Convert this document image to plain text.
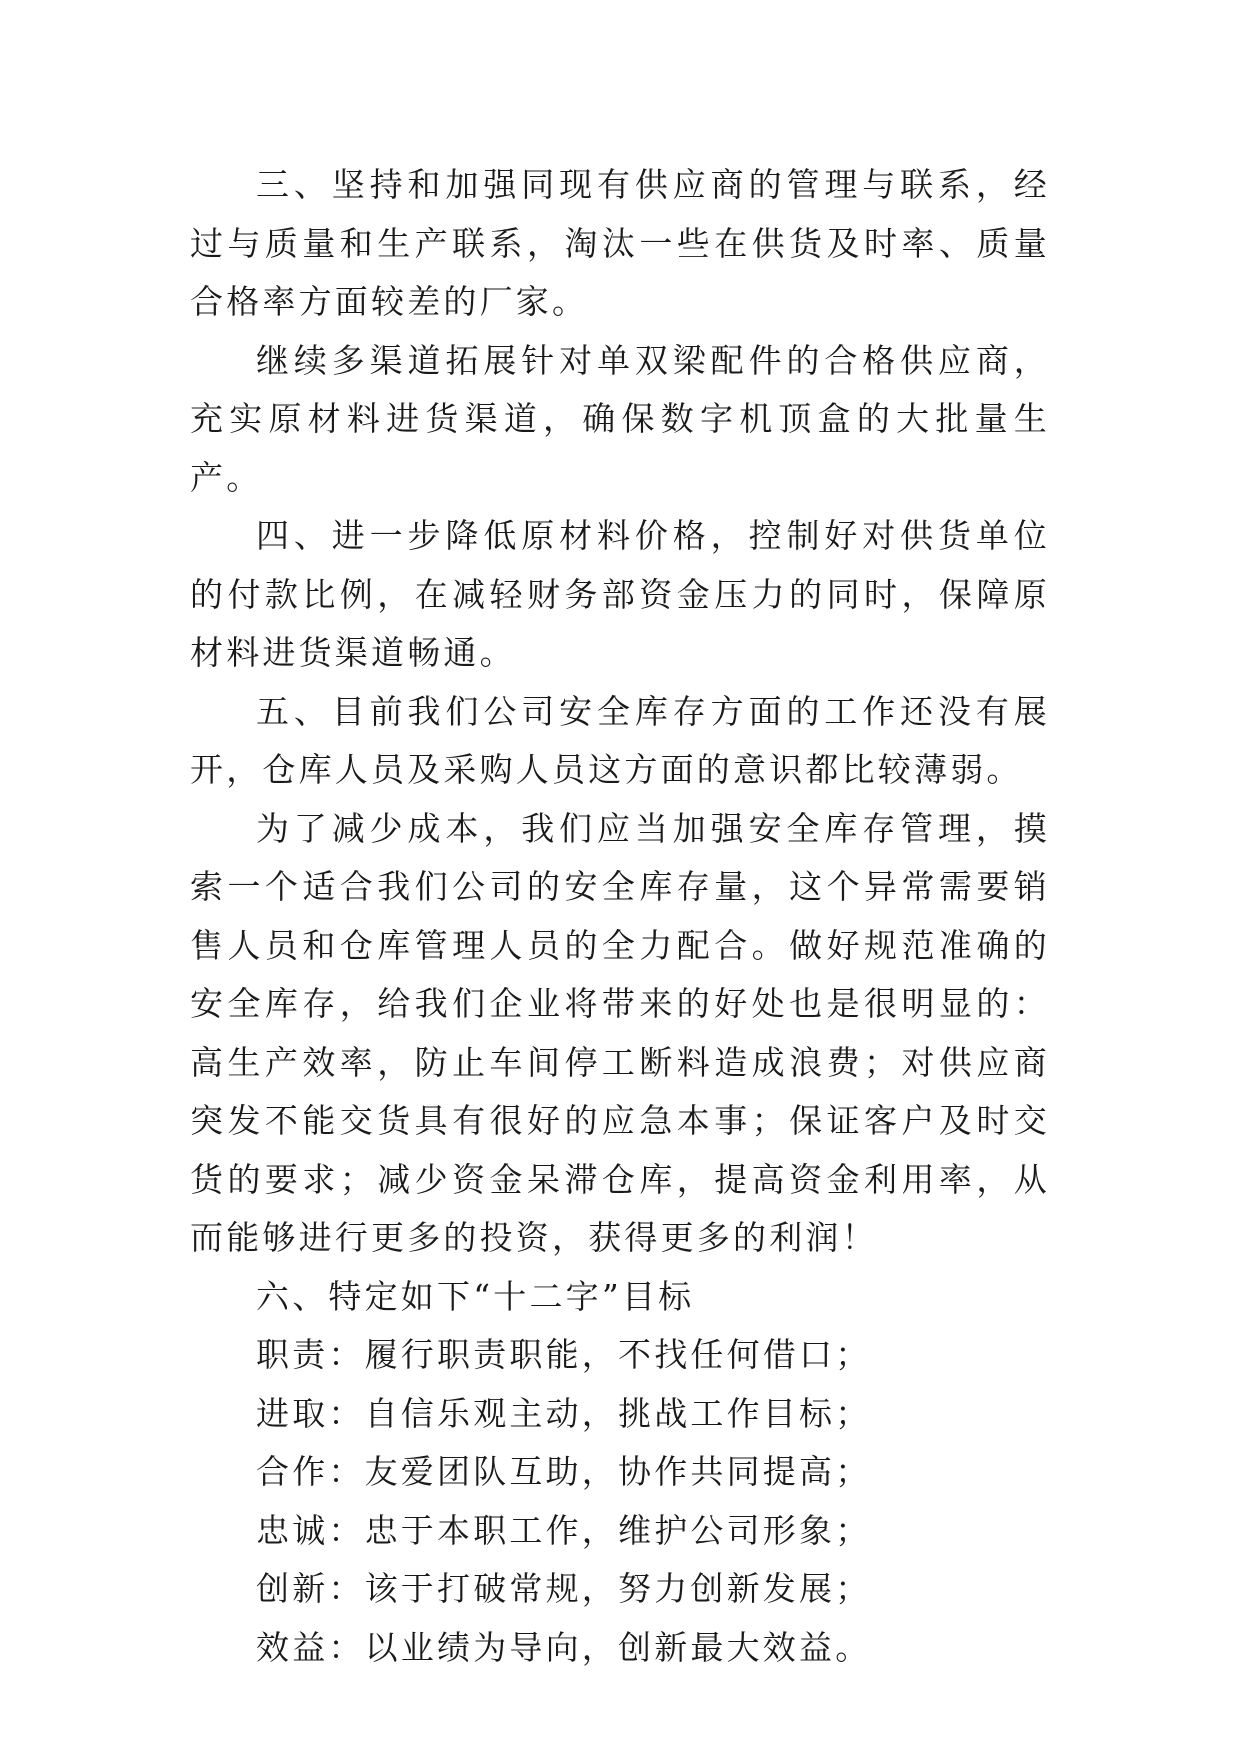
三、坚持和加强同现有供应商的管理与联系，经过与质量和生产联系，淘汰一些在供货及时率、质量合格率方面较差的厂家。

继续多渠道拓展针对单双梁配件的合格供应商，充实原材料进货渠道，确保数字机顶盒的大批量生产。

四、进一步降低原材料价格，控制好对供货单位的付款比例，在减轻财务部资金压力的同时，保障原材料进货渠道畅通。

五、目前我们公司安全库存方面的工作还没有展开，仓库人员及采购人员这方面的意识都比较薄弱。

为了减少成本，我们应当加强安全库存管理，摸索一个适合我们公司的安全库存量，这个异常需要销售人员和仓库管理人员的全力配合。做好规范准确的安全库存，给我们企业将带来的好处也是很明显的：高生产效率，防止车间停工断料造成浪费；对供应商突发不能交货具有很好的应急本事；保证客户及时交货的要求；减少资金呆滞仓库，提高资金利用率，从而能够进行更多的投资，获得更多的利润！

六、特定如下“十二字”目标

职责：履行职责职能，不找任何借口；

进取：自信乐观主动，挑战工作目标；

合作：友爱团队互助，协作共同提高；

忠诚：忠于本职工作，维护公司形象；

创新：该于打破常规，努力创新发展；

效益：以业绩为导向，创新最大效益。
